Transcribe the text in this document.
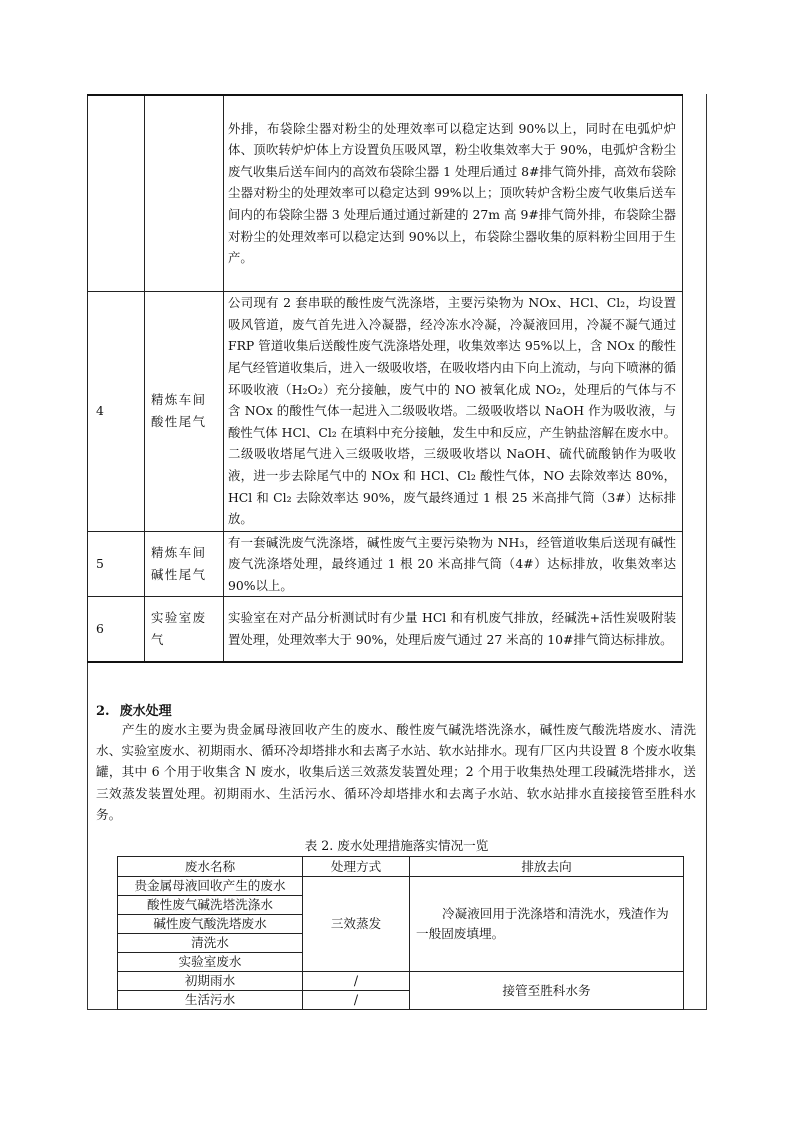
		外排，布袋除尘器对粉尘的处理效率可以稳定达到 90%以上，同时在电弧炉炉体、顶吹转炉炉体上方设置负压吸风罩，粉尘收集效率大于 90%，电弧炉含粉尘废气收集后送车间内的高效布袋除尘器 1 处理后通过 8#排气筒外排，高效布袋除尘器对粉尘的处理效率可以稳定达到 99%以上；顶吹转炉含粉尘废气收集后送车间内的布袋除尘器 3 处理后通过通过新建的 27m 高 9#排气筒外排，布袋除尘器对粉尘的处理效率可以稳定达到 90%以上，布袋除尘器收集的原料粉尘回用于生产。
4	精炼车间酸性尾气	公司现有 2 套串联的酸性废气洗涤塔，主要污染物为 NOx、HCl、Cl₂，均设置吸风管道，废气首先进入冷凝器，经冷冻水冷凝，冷凝液回用，冷凝不凝气通过 FRP 管道收集后送酸性废气洗涤塔处理，收集效率达 95%以上，含 NOx 的酸性尾气经管道收集后，进入一级吸收塔，在吸收塔内由下向上流动，与向下喷淋的循环吸收液（H₂O₂）充分接触，废气中的 NO 被氧化成 NO₂，处理后的气体与不含 NOx 的酸性气体一起进入二级吸收塔。二级吸收塔以 NaOH 作为吸收液，与酸性气体 HCl、Cl₂ 在填料中充分接触，发生中和反应，产生钠盐溶解在废水中。二级吸收塔尾气进入三级吸收塔，三级吸收塔以 NaOH、硫代硫酸钠作为吸收液，进一步去除尾气中的 NOx 和 HCl、Cl₂ 酸性气体，NO 去除效率达 80%，HCl 和 Cl₂ 去除效率达 90%，废气最终通过 1 根 25 米高排气筒（3#）达标排放。
5	精炼车间碱性尾气	有一套碱洗废气洗涤塔，碱性废气主要污染物为 NH₃，经管道收集后送现有碱性废气洗涤塔处理，最终通过 1 根 20 米高排气筒（4#）达标排放，收集效率达 90%以上。
6	实验室废气	实验室在对产品分析测试时有少量 HCl 和有机废气排放，经碱洗+活性炭吸附装置处理，处理效率大于 90%，处理后废气通过 27 米高的 10#排气筒达标排放。
2. 废水处理
产生的废水主要为贵金属母液回收产生的废水、酸性废气碱洗塔洗涤水，碱性废气酸洗塔废水、清洗水、实验室废水、初期雨水、循环冷却塔排水和去离子水站、软水站排水。现有厂区内共设置 8 个废水收集罐，其中 6 个用于收集含 N 废水，收集后送三效蒸发装置处理；2 个用于收集热处理工段碱洗塔排水，送三效蒸发装置处理。初期雨水、生活污水、循环冷却塔排水和去离子水站、软水站排水直接接管至胜科水务。
表 2. 废水处理措施落实情况一览
废水名称	处理方式	排放去向
贵金属母液回收产生的废水	三效蒸发	冷凝液回用于洗涤塔和清洗水，残渣作为一般固废填埋。

酸性废气碱洗塔洗涤水		
碱性废气酸洗塔废水		
清洗水		
实验室废水		
初期雨水	/	接管至胜科水务
生活污水	/	
